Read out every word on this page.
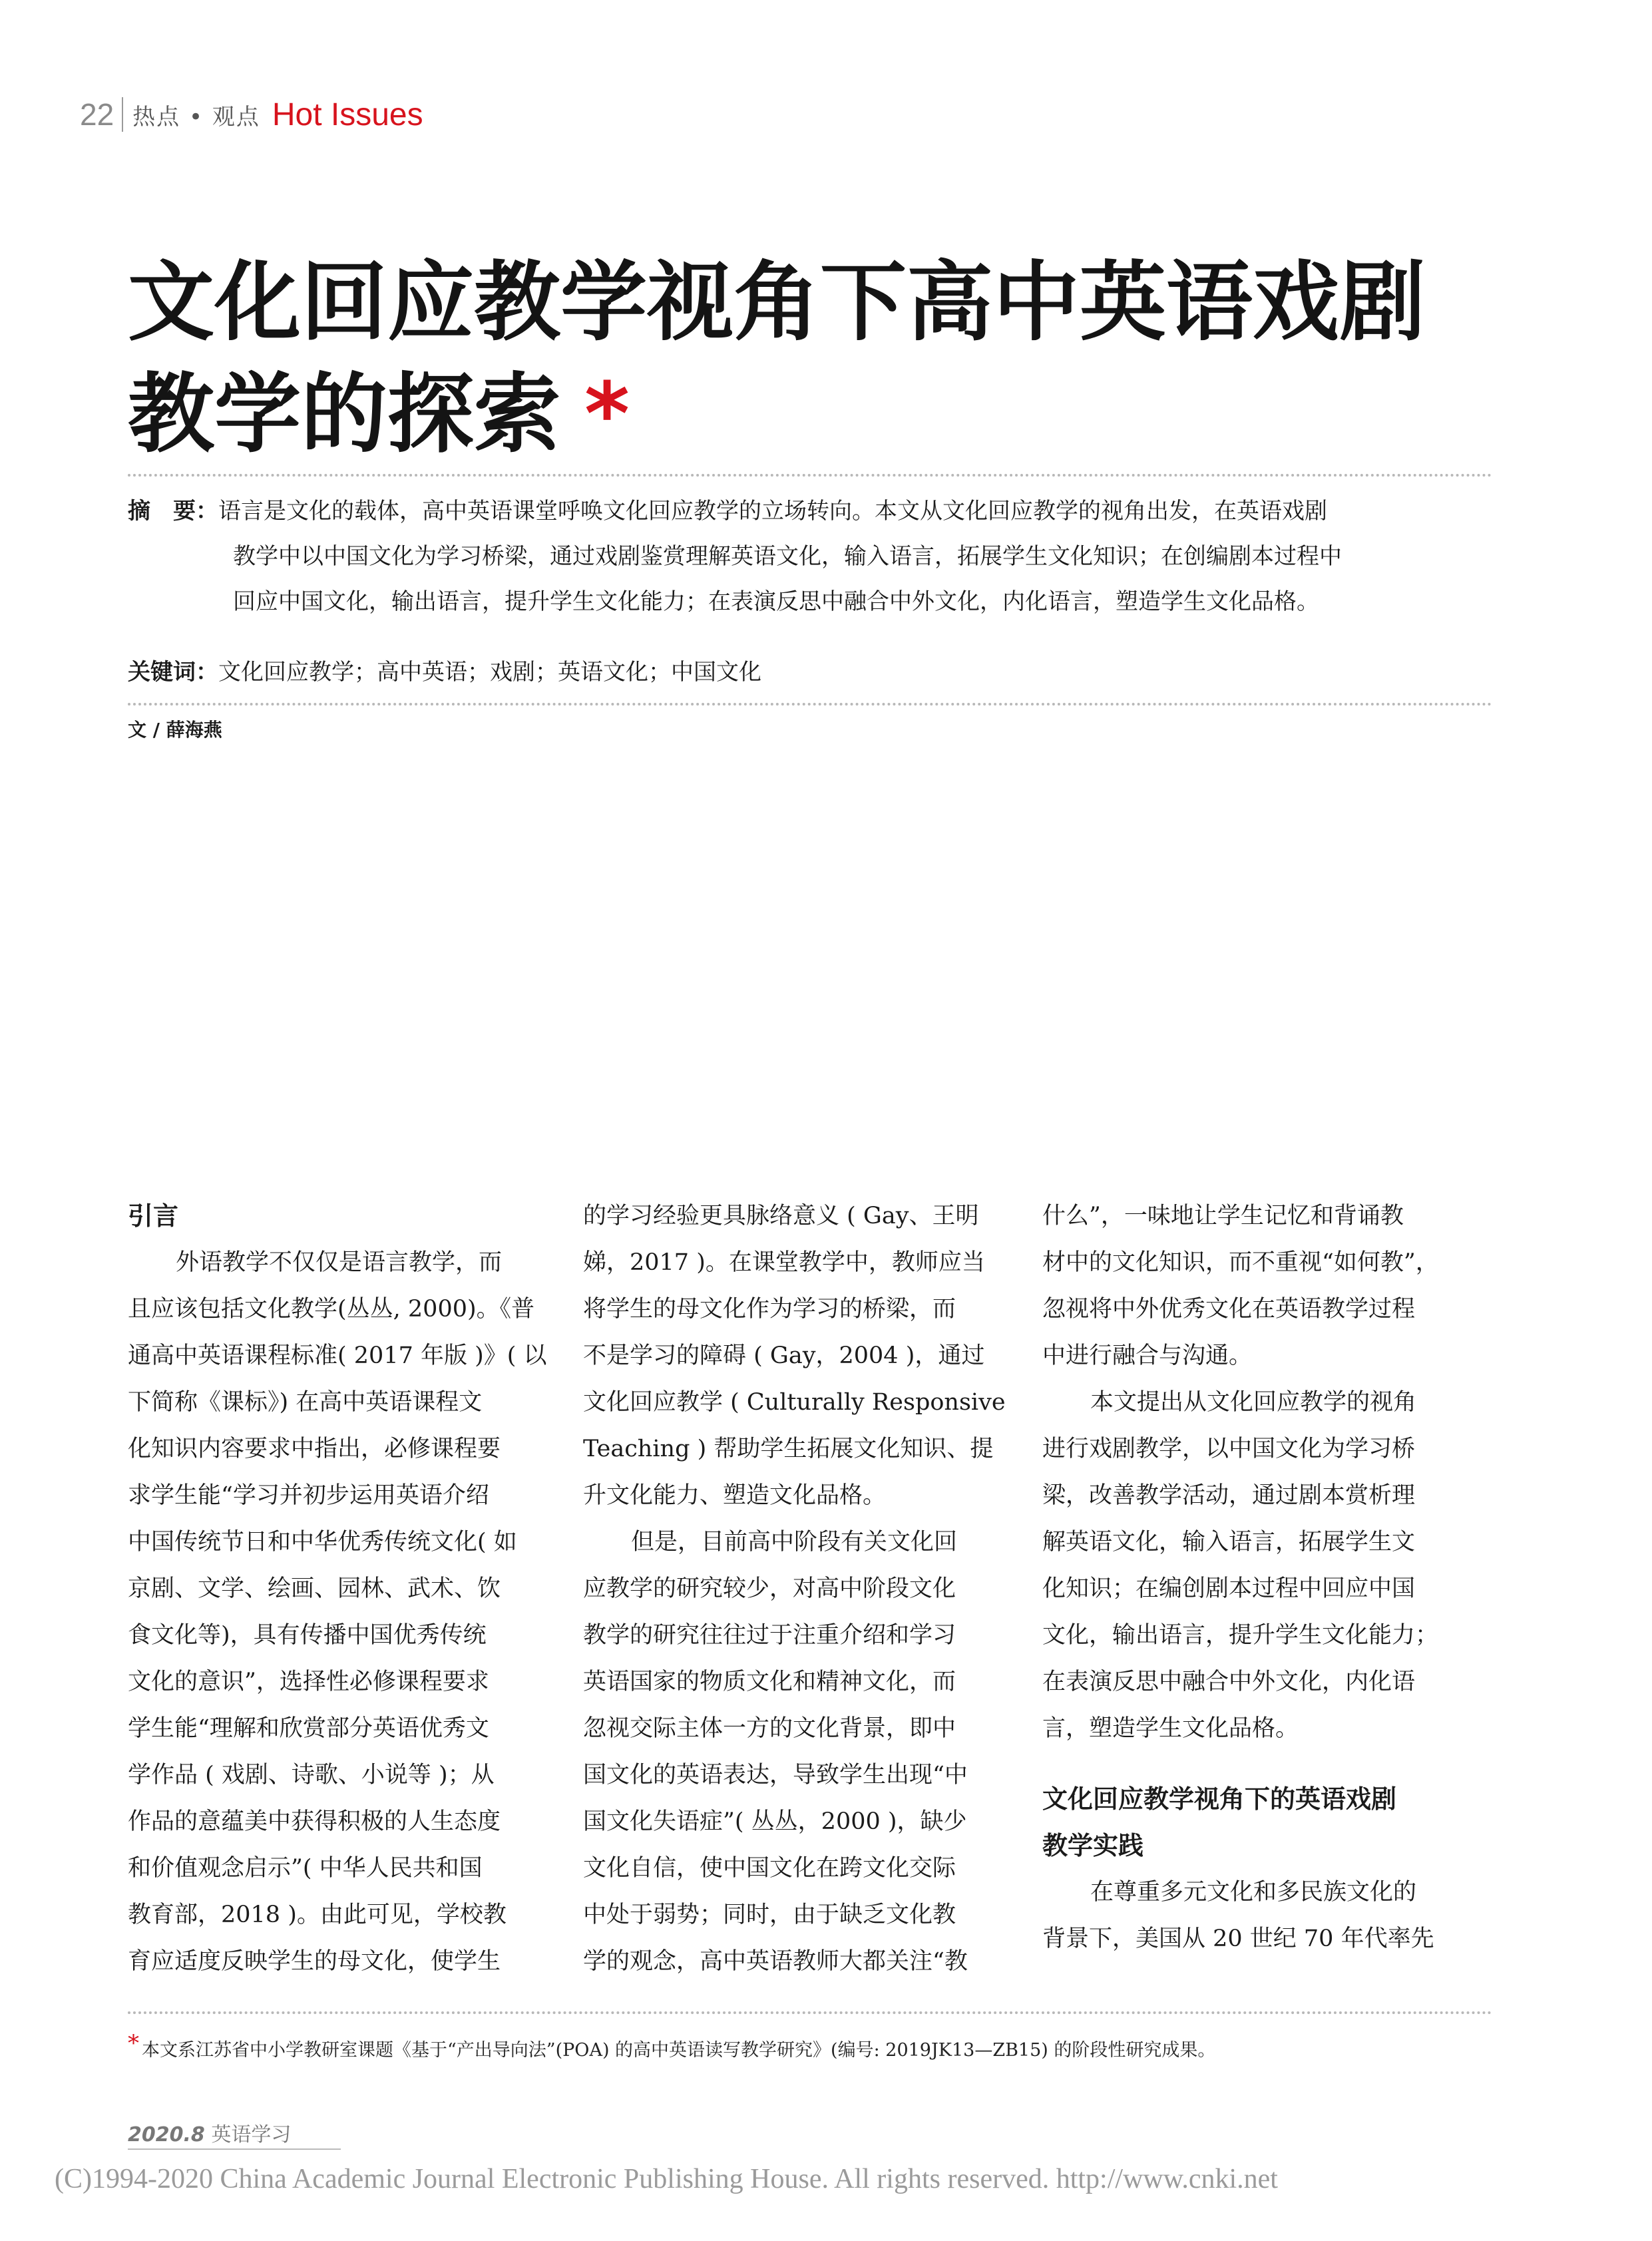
22 热点 • 观点 Hot Issues
文化回应教学视角下高中英语戏剧
教学的探索 *
摘　要：语言是文化的载体，高中英语课堂呼唤文化回应教学的立场转向。本文从文化回应教学的视角出发，在英语戏剧
教学中以中国文化为学习桥梁，通过戏剧鉴赏理解英语文化，输入语言，拓展学生文化知识；在创编剧本过程中
回应中国文化，输出语言，提升学生文化能力；在表演反思中融合中外文化，内化语言，塑造学生文化品格。
关键词：文化回应教学；高中英语；戏剧；英语文化；中国文化
文 / 薛海燕
引言
外语教学不仅仅是语言教学，而
且应该包括文化教学(丛丛, 2000)。《普
通高中英语课程标准( 2017 年版 )》( 以
下简称《课标》) 在高中英语课程文
化知识内容要求中指出，必修课程要
求学生能“学习并初步运用英语介绍
中国传统节日和中华优秀传统文化( 如
京剧、文学、绘画、园林、武术、饮
食文化等)，具有传播中国优秀传统
文化的意识”，选择性必修课程要求
学生能“理解和欣赏部分英语优秀文
学作品 ( 戏剧、诗歌、小说等 )；从
作品的意蕴美中获得积极的人生态度
和价值观念启示”( 中华人民共和国
教育部，2018 )。由此可见，学校教
育应适度反映学生的母文化，使学生
的学习经验更具脉络意义 ( Gay、王明
娣，2017 )。在课堂教学中，教师应当
将学生的母文化作为学习的桥梁，而
不是学习的障碍 ( Gay，2004 )，通过
文化回应教学 ( Culturally Responsive
Teaching ) 帮助学生拓展文化知识、提
升文化能力、塑造文化品格。
但是，目前高中阶段有关文化回
应教学的研究较少，对高中阶段文化
教学的研究往往过于注重介绍和学习
英语国家的物质文化和精神文化，而
忽视交际主体一方的文化背景，即中
国文化的英语表达，导致学生出现“中
国文化失语症”( 丛丛，2000 )，缺少
文化自信，使中国文化在跨文化交际
中处于弱势；同时，由于缺乏文化教
学的观念，高中英语教师大都关注“教
什么”，一味地让学生记忆和背诵教
材中的文化知识，而不重视“如何教”，
忽视将中外优秀文化在英语教学过程
中进行融合与沟通。
本文提出从文化回应教学的视角
进行戏剧教学，以中国文化为学习桥
梁，改善教学活动，通过剧本赏析理
解英语文化，输入语言，拓展学生文
化知识；在编创剧本过程中回应中国
文化，输出语言，提升学生文化能力；
在表演反思中融合中外文化，内化语
言，塑造学生文化品格。
文化回应教学视角下的英语戏剧
教学实践
在尊重多元文化和多民族文化的
背景下，美国从 20 世纪 70 年代率先
* 本文系江苏省中小学教研室课题《基于“产出导向法”(POA) 的高中英语读写教学研究》(编号: 2019JK13—ZB15) 的阶段性研究成果。
2020.8 英语学习
(C)1994-2020 China Academic Journal Electronic Publishing House. All rights reserved. http://www.cnki.net
